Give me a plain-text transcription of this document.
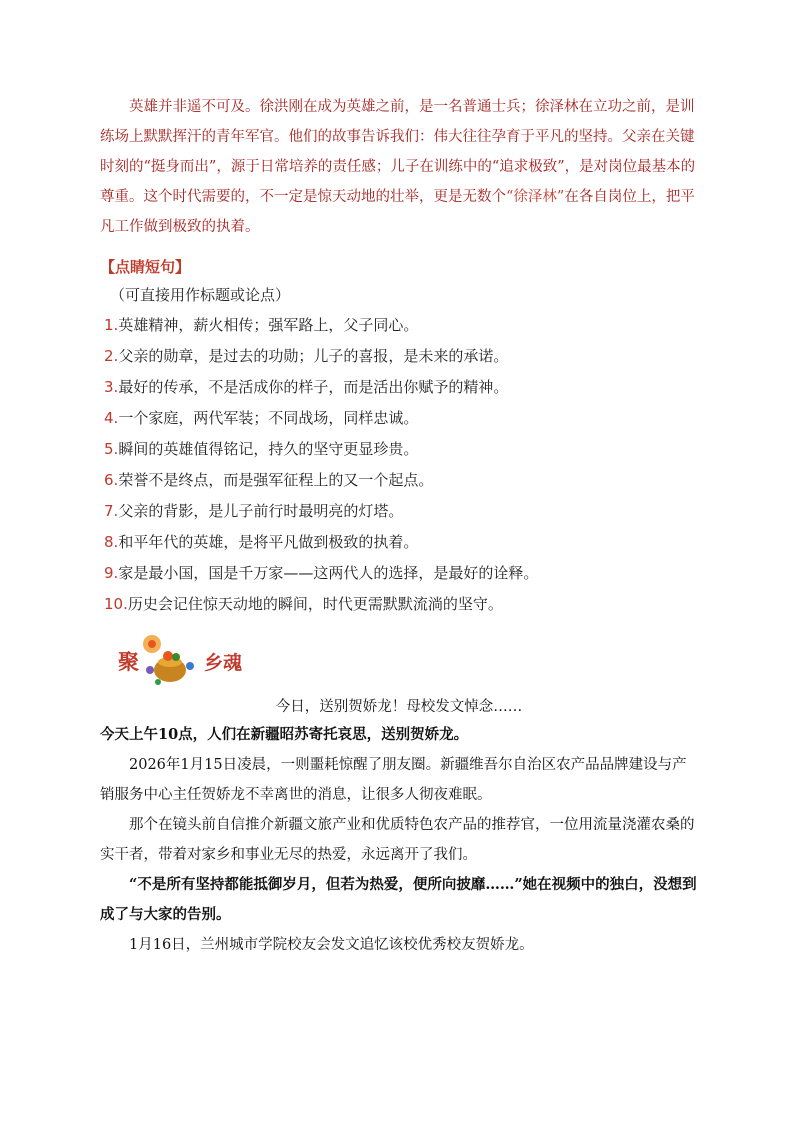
英雄并非遥不可及。徐洪刚在成为英雄之前，是一名普通士兵；徐泽林在立功之前，是训练场上默默挥汗的青年军官。他们的故事告诉我们：伟大往往孕育于平凡的坚持。父亲在关键时刻的“挺身而出”，源于日常培养的责任感；儿子在训练中的“追求极致”，是对岗位最基本的尊重。这个时代需要的，不一定是惊天动地的壮举，更是无数个“徐泽林”在各自岗位上，把平凡工作做到极致的执着。

【点睛短句】

（可直接用作标题或论点）

1.英雄精神，薪火相传；强军路上，父子同心。
2.父亲的勋章，是过去的功勋；儿子的喜报，是未来的承诺。
3.最好的传承，不是活成你的样子，而是活出你赋予的精神。
4.一个家庭，两代军装；不同战场，同样忠诚。
5.瞬间的英雄值得铭记，持久的坚守更显珍贵。
6.荣誉不是终点，而是强军征程上的又一个起点。
7.父亲的背影，是儿子前行时最明亮的灯塔。
8.和平年代的英雄，是将平凡做到极致的执着。
9.家是最小国，国是千万家——这两代人的选择，是最好的诠释。
10.历史会记住惊天动地的瞬间，时代更需默默流淌的坚守。
聚	乡魂

今日，送别贺娇龙！母校发文悼念……

今天上午10点，人们在新疆昭苏寄托哀思，送别贺娇龙。

2026年1月15日凌晨，一则噩耗惊醒了朋友圈。新疆维吾尔自治区农产品品牌建设与产销服务中心主任贺娇龙不幸离世的消息，让很多人彻夜难眠。

那个在镜头前自信推介新疆文旅产业和优质特色农产品的推荐官，一位用流量浇灌农桑的实干者，带着对家乡和事业无尽的热爱，永远离开了我们。

“不是所有坚持都能抵御岁月，但若为热爱，便所向披靡……”她在视频中的独白，没想到成了与大家的告别。

1月16日，兰州城市学院校友会发文追忆该校优秀校友贺娇龙。
